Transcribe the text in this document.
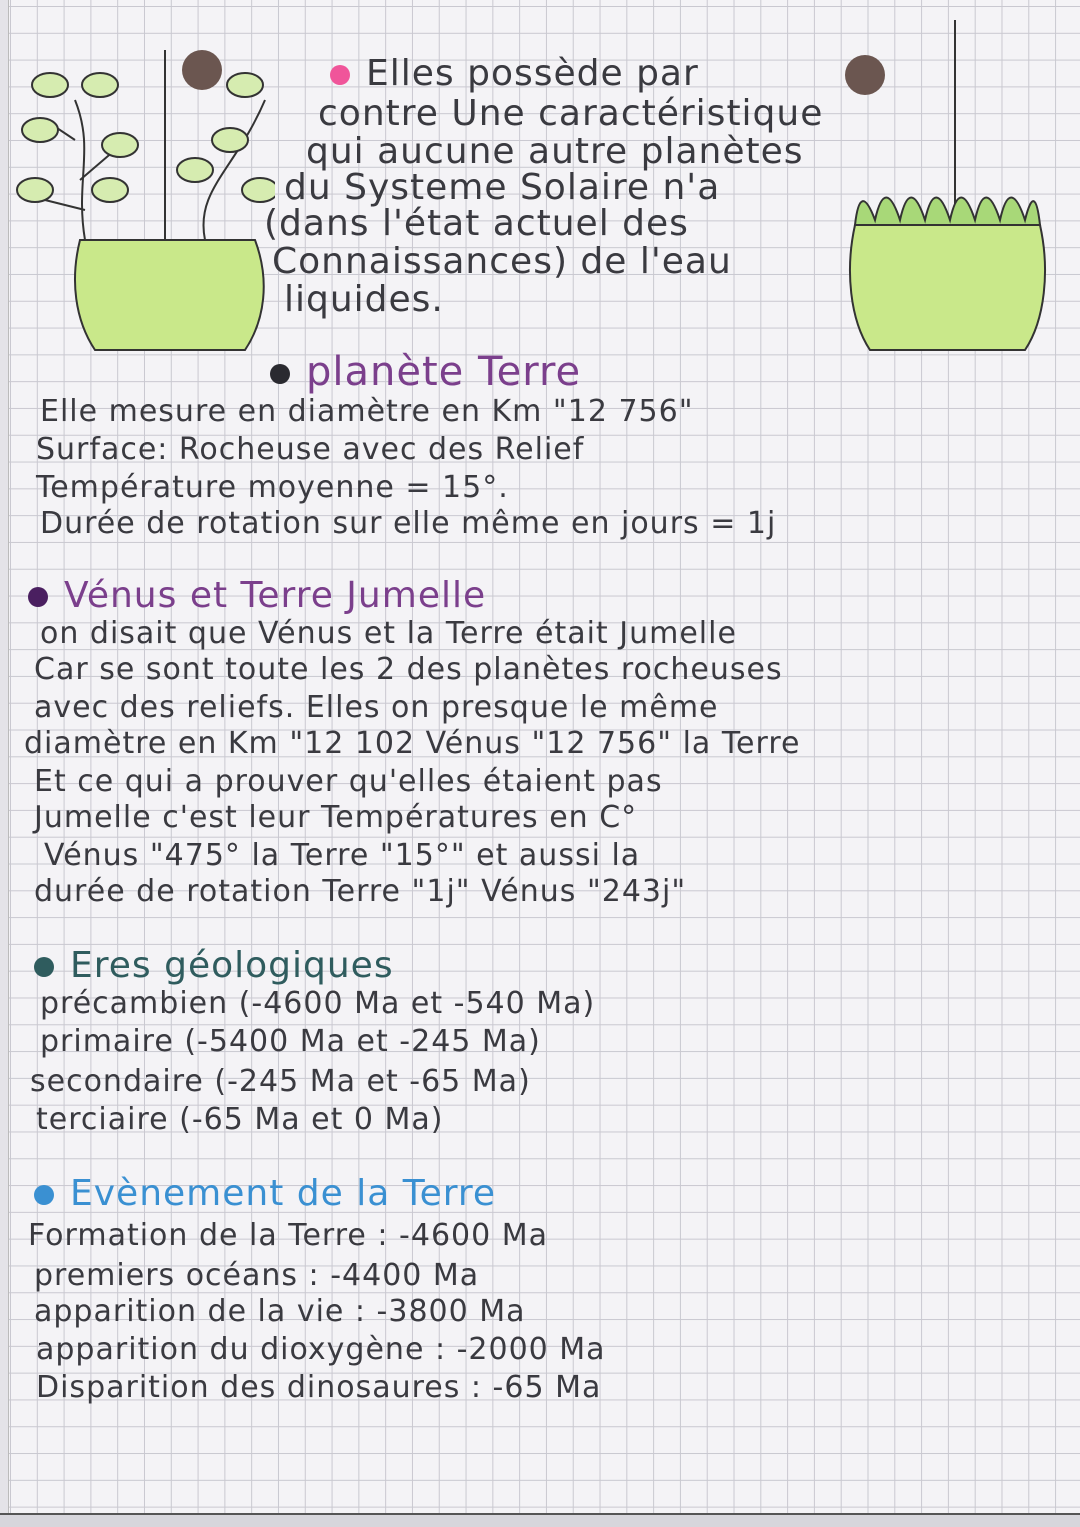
Elles possède par
contre Une caractéristique
qui aucune autre planètes
du Systeme Solaire n'a
(dans l'état actuel des
Connaissances) de l'eau
liquides.
planète Terre
Elle mesure en diamètre en Km "12 756"
Surface: Rocheuse avec des Relief
Température moyenne = 15°.
Durée de rotation sur elle même en jours = 1j
Vénus et Terre Jumelle
on disait que Vénus et la Terre était Jumelle
Car se sont toute les 2 des planètes rocheuses
avec des reliefs. Elles on presque le même
diamètre en Km "12 102 Vénus "12 756" la Terre
Et ce qui a prouver qu'elles étaient pas
Jumelle c'est leur Températures en C°
Vénus "475° la Terre "15°" et aussi la
durée de rotation Terre "1j" Vénus "243j"
Eres géologiques
précambien (-4600 Ma et -540 Ma)
primaire (-5400 Ma et -245 Ma)
secondaire (-245 Ma et -65 Ma)
terciaire (-65 Ma et 0 Ma)
Evènement de la Terre
Formation de la Terre : -4600 Ma
premiers océans : -4400 Ma
apparition de la vie : -3800 Ma
apparition du dioxygène : -2000 Ma
Disparition des dinosaures : -65 Ma
